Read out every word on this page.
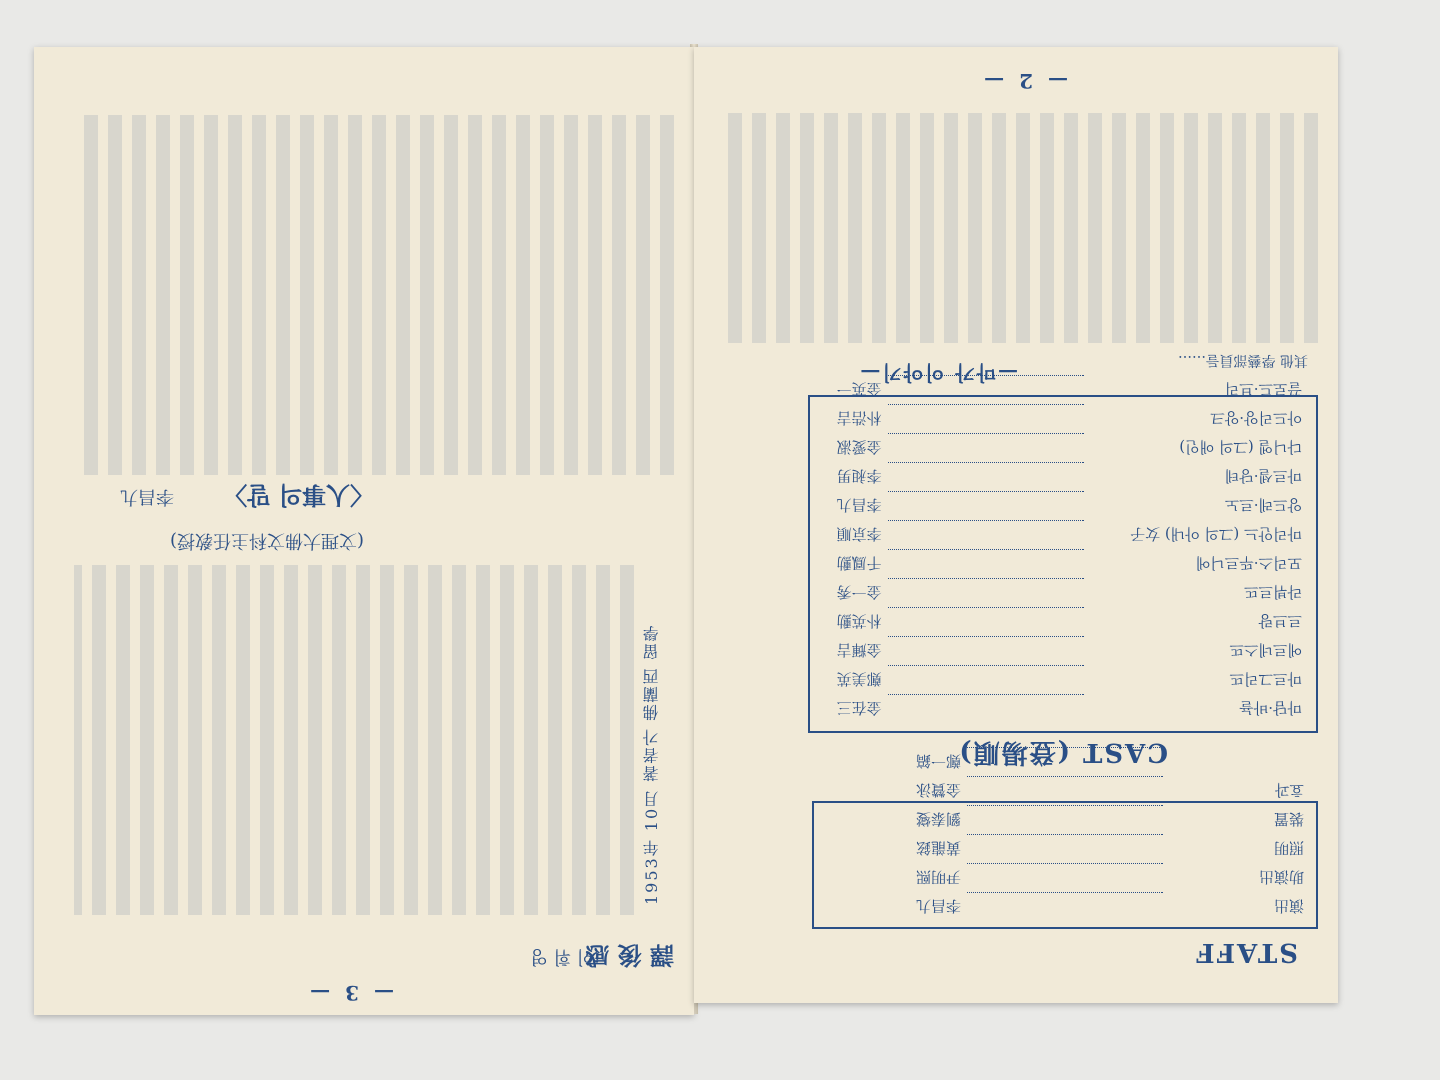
— 3 —
譯 後 感
이 휘 영
1953年 10月 著者가 佛蘭西 留學
〈人事의 말〉
李昌九
(文理大佛文科主任敎授)
— 2 —
STAFF
演出		李昌九
助演出		尹明熙
照明		黃龍鉉
裝置		劉泰燮
효과		金贊泳
		鄭一鎬
CAST (登場順)
마담·바뇰		金在三
마르그리뜨		鄭美英
에르네스뜨		金輝吉
르브랑		朴英勳
라뷔르뜨		金一秀
모리스·뚜르니에		千鳳勳
마리안느 (그의 아내) 女子		李京順
앙드레·르노		李昌九
마르셀·당테		李昶男
다니엘 (그의 애인)		金愛淑
아드리앙·앙크		朴浩吉
끌로드·브리		金英一
其他 學藝部員들……
—마가 이야기—
